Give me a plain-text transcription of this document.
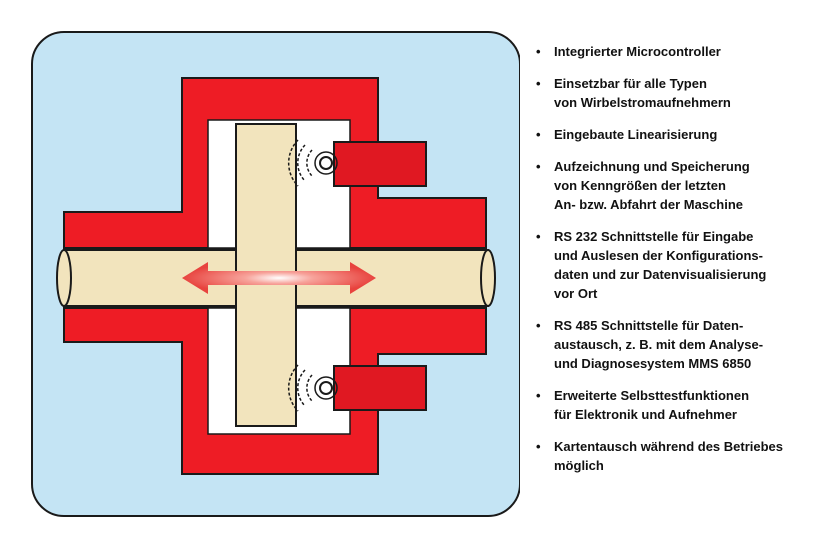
• Integrierter Microcontroller
• Einsetzbar für alle Typen
von Wirbelstromaufnehmern
• Eingebaute Linearisierung
• Aufzeichnung und Speicherung
von Kenngrößen der letzten
An- bzw. Abfahrt der Maschine
• RS 232 Schnittstelle für Eingabe
und Auslesen der Konfigurations-
daten und zur Datenvisualisierung
vor Ort
• RS 485 Schnittstelle für Daten-
austausch, z. B. mit dem Analyse-
und Diagnosesystem MMS 6850
• Erweiterte Selbsttestfunktionen
für Elektronik und Aufnehmer
• Kartentausch während des Betriebes
möglich
